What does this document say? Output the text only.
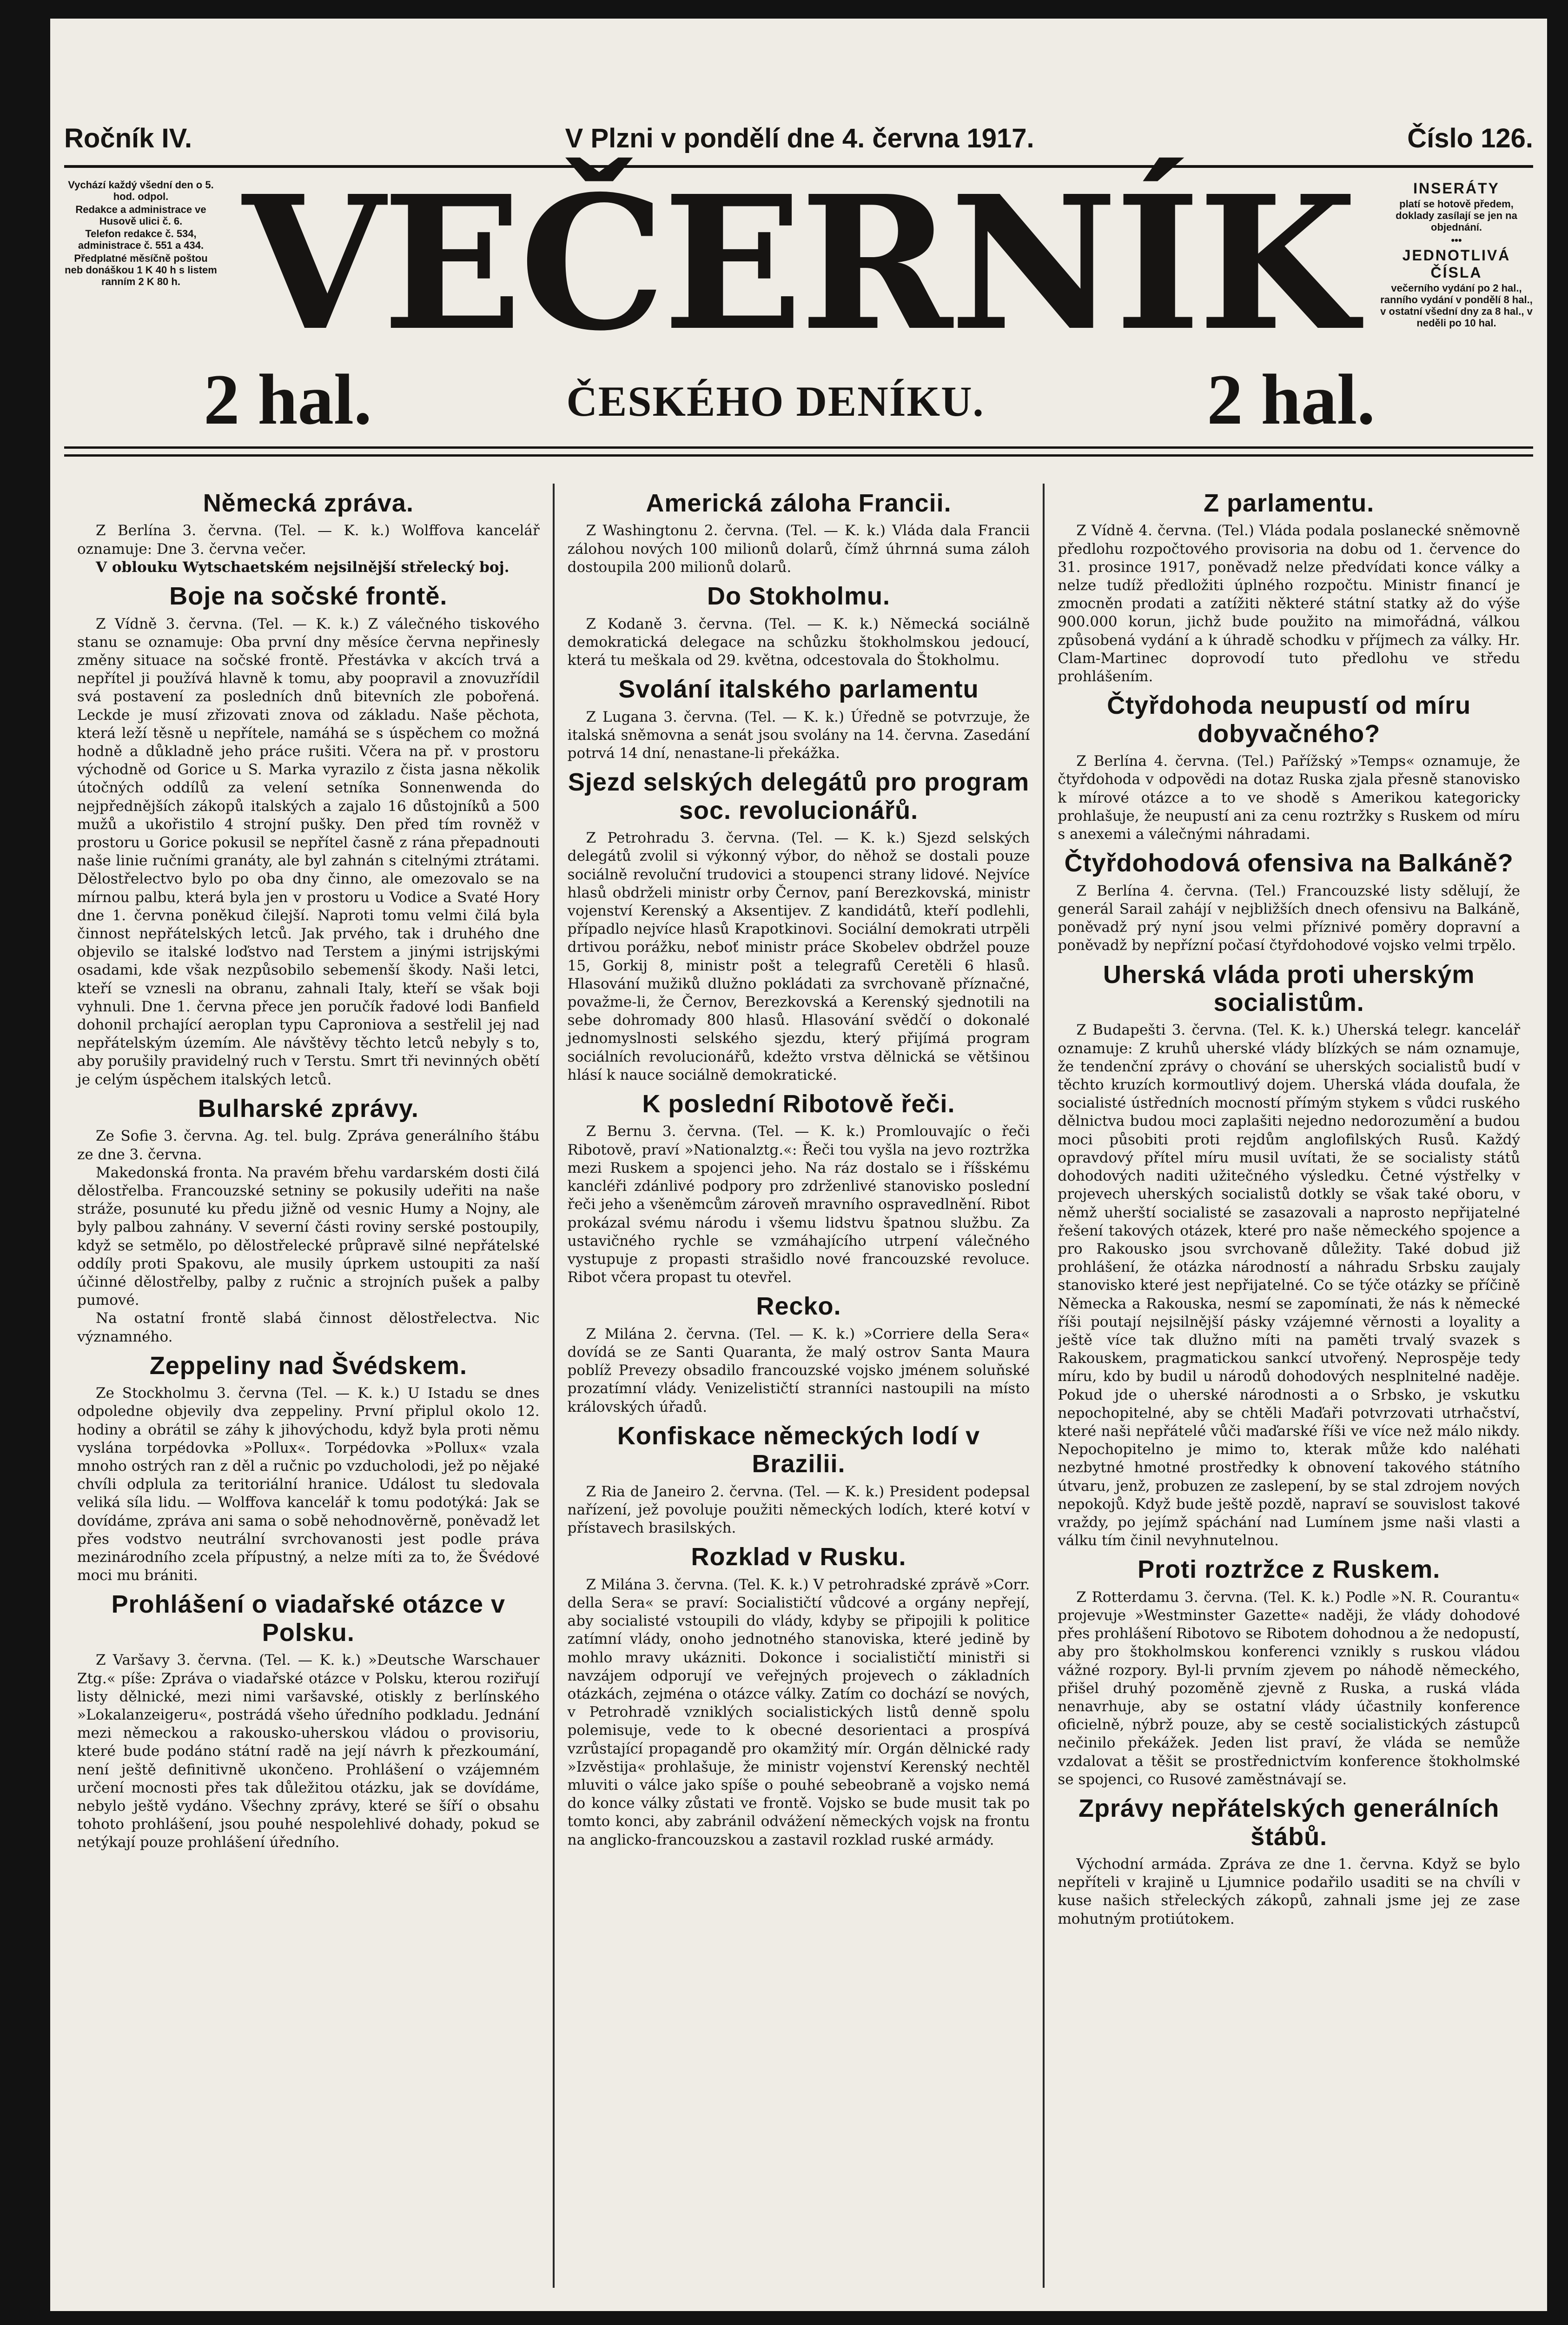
Ročník IV.	V Plzni v pondělí dne 4. června 1917.	Číslo 126.

Vychází každý všední den o 5. hod. odpol.

Redakce a administrace ve Husově ulici č. 6.

Telefon redakce č. 534, administrace č. 551 a 434.

Předplatné měsíčně poštou neb donáškou 1 K 40 h s listem ranním 2 K 80 h. VEČERNÍK	INSERÁTY

platí se hotově předem, doklady zasílají se jen na objednání.

•••

JEDNOTLIVÁ ČÍSLA

večerního vydání po 2 hal., ranního vydání v pondělí 8 hal., v ostatní všední dny za 8 hal., v neděli po 10 hal.

2 hal.	ČESKÉHO DENÍKU.	2 hal.
Německá zpráva.

Z Berlína 3. června. (Tel. — K. k.) Wolffova kancelář oznamuje: Dne 3. června večer.

V oblouku Wytschaetském nejsilnější střelecký boj.

Boje na sočské frontě.

Z Vídně 3. června. (Tel. — K. k.) Z válečného tiskového stanu se oznamuje: Oba první dny měsíce června nepřinesly změny situace na sočské frontě. Přestávka v akcích trvá a nepřítel ji používá hlavně k tomu, aby poopravil a znovuzřídil svá postavení za posledních dnů bitevních zle pobořená. Leckde je musí zřizovati znova od základu. Naše pěchota, která leží těsně u nepřítele, namáhá se s úspěchem co možná hodně a důkladně jeho práce rušiti. Včera na př. v prostoru východně od Gorice u S. Marka vyrazilo z čista jasna několik útočných oddílů za velení setníka Sonnenwenda do nejpřednějších zákopů italských a zajalo 16 důstojníků a 500 mužů a ukořistilo 4 strojní pušky. Den před tím rovněž v prostoru u Gorice pokusil se nepřítel časně z rána přepadnouti naše linie ručními granáty, ale byl zahnán s citelnými ztrátami. Dělostřelectvo bylo po oba dny činno, ale omezovalo se na mírnou palbu, která byla jen v prostoru u Vodice a Svaté Hory dne 1. června poněkud čilejší. Naproti tomu velmi čilá byla činnost nepřátelských letců. Jak prvého, tak i druhého dne objevilo se italské loďstvo nad Terstem a jinými istrijskými osadami, kde však nezpůsobilo sebemenší škody. Naši letci, kteří se vznesli na obranu, zahnali Italy, kteří se však boji vyhnuli. Dne 1. června přece jen poručík řadové lodi Banfield dohonil prchající aeroplan typu Caproniova a sestřelil jej nad nepřátelským územím. Ale návštěvy těchto letců nebyly s to, aby porušily pravidelný ruch v Terstu. Smrt tři nevinných obětí je celým úspěchem italských letců.

Bulharské zprávy.

Ze Sofie 3. června. Ag. tel. bulg. Zpráva generálního štábu ze dne 3. června.

Makedonská fronta. Na pravém břehu vardarském dosti čilá dělostřelba. Francouzské setniny se pokusily udeřiti na naše stráže, posunuté ku předu jižně od vesnic Humy a Nojny, ale byly palbou zahnány. V severní části roviny serské postoupily, když se setmělo, po dělostřelecké průpravě silné nepřátelské oddíly proti Spakovu, ale musily úprkem ustoupiti za naší účinné dělostřelby, palby z ručnic a strojních pušek a palby pumové.

Na ostatní frontě slabá činnost dělostřelectva. Nic významného.

Zeppeliny nad Švédskem.

Ze Stockholmu 3. června (Tel. — K. k.) U Istadu se dnes odpoledne objevily dva zeppeliny. První připlul okolo 12. hodiny a obrátil se záhy k jihovýchodu, když byla proti němu vyslána torpédovka »Pollux«. Torpédovka »Pollux« vzala mnoho ostrých ran z děl a ručnic po vzducholodi, jež po nějaké chvíli odplula za teritoriální hranice. Událost tu sledovala veliká síla lidu. — Wolffova kancelář k tomu podotýká: Jak se dovídáme, zpráva ani sama o sobě nehodnověrně, poněvadž let přes vodstvo neutrální svrchovanosti jest podle práva mezinárodního zcela přípustný, a nelze míti za to, že Švédové moci mu brániti.

Prohlášení o viadařské otázce v Polsku.

Z Varšavy 3. června. (Tel. — K. k.) »Deutsche Warschauer Ztg.« píše: Zpráva o viadařské otázce v Polsku, kterou roziřují listy dělnické, mezi nimi varšavské, otiskly z berlínského »Lokalanzeigeru«, postrádá všeho úředního podkladu. Jednání mezi německou a rakousko-uherskou vládou o provisoriu, které bude podáno státní radě na její návrh k přezkoumání, není ještě definitivně ukončeno. Prohlášení o vzájemném určení mocnosti přes tak důležitou otázku, jak se dovídáme, nebylo ještě vydáno. Všechny zprávy, které se šíří o obsahu tohoto prohlášení, jsou pouhé nespolehlivé dohady, pokud se netýkají pouze prohlášení úředního.

Americká záloha Francii.

Z Washingtonu 2. června. (Tel. — K. k.) Vláda dala Francii zálohou nových 100 milionů dolarů, čímž úhrnná suma záloh dostoupila 200 milionů dolarů.

Do Stokholmu.

Z Kodaně 3. června. (Tel. — K. k.) Německá sociálně demokratická delegace na schůzku štokholmskou jedoucí, která tu meškala od 29. května, odcestovala do Štokholmu.

Svolání italského parlamentu

Z Lugana 3. června. (Tel. — K. k.) Úředně se potvrzuje, že italská sněmovna a senát jsou svolány na 14. června. Zasedání potrvá 14 dní, nenastane-li překážka.

Sjezd selských delegátů pro program soc. revolucionářů.

Z Petrohradu 3. června. (Tel. — K. k.) Sjezd selských delegátů zvolil si výkonný výbor, do něhož se dostali pouze sociálně revoluční trudovici a stoupenci strany lidové. Nejvíce hlasů obdrželi ministr orby Černov, paní Berezkovská, ministr vojenství Kerenský a Aksentijev. Z kandidátů, kteří podlehli, případlo nejvíce hlasů Krapotkinovi. Sociální demokrati utrpěli drtivou porážku, neboť ministr práce Skobelev obdržel pouze 15, Gorkij 8, ministr pošt a telegrafů Ceretěli 6 hlasů. Hlasování mužiků dlužno pokládati za svrchovaně příznačné, považme-li, že Černov, Berezkovská a Kerenský sjednotili na sebe dohromady 800 hlasů. Hlasování svědčí o dokonalé jednomyslnosti selského sjezdu, který přijímá program sociálních revolucionářů, kdežto vrstva dělnická se většinou hlásí k nauce sociálně demokratické.

K poslední Ribotově řeči.

Z Bernu 3. června. (Tel. — K. k.) Promlouvajíc o řeči Ribotově, praví »Nationalztg.«: Řeči tou vyšla na jevo roztržka mezi Ruskem a spojenci jeho. Na ráz dostalo se i říšskému kancléři zdánlivé podpory pro zdrženlivé stanovisko poslední řeči jeho a všeněmcům zároveň mravního ospravedlnění. Ribot prokázal svému národu i všemu lidstvu špatnou službu. Za ustavičného rychle se vzmáhajícího utrpení válečného vystupuje z propasti strašidlo nové francouzské revoluce. Ribot včera propast tu otevřel.

Recko.

Z Milána 2. června. (Tel. — K. k.) »Corriere della Sera« dovídá se ze Santi Quaranta, že malý ostrov Santa Maura poblíž Prevezy obsadilo francouzské vojsko jménem soluňské prozatímní vlády. Venizelističtí stranníci nastoupili na místo královských úřadů.

Konfiskace německých lodí v Brazilii.

Z Ria de Janeiro 2. června. (Tel. — K. k.) President podepsal nařízení, jež povoluje použiti německých lodích, které kotví v přístavech brasilských.

Rozklad v Rusku.

Z Milána 3. června. (Tel. K. k.) V petrohradské zprávě »Corr. della Sera« se praví: Socialističtí vůdcové a orgány nepřejí, aby socialisté vstoupili do vlády, kdyby se připojili k politice zatímní vlády, onoho jednotného stanoviska, které jedině by mohlo mravy ukázniti. Dokonce i socialističtí ministři si navzájem odporují ve veřejných projevech o základních otázkách, zejména o otázce války. Zatím co dochází se nových, v Petrohradě vzniklých socialistických listů denně spolu polemisuje, vede to k obecné desorientaci a prospívá vzrůstající propagandě pro okamžitý mír. Orgán dělnické rady »Izvěstija« prohlašuje, že ministr vojenství Kerenský nechtěl mluviti o válce jako spíše o pouhé sebeobraně a vojsko nemá do konce války zůstati ve frontě. Vojsko se bude musit tak po tomto konci, aby zabránil odvážení německých vojsk na frontu na anglicko-francouzskou a zastavil rozklad ruské armády.

Z parlamentu.

Z Vídně 4. června. (Tel.) Vláda podala poslanecké sněmovně předlohu rozpočtového provisoria na dobu od 1. července do 31. prosince 1917, poněvadž nelze předvídati konce války a nelze tudíž předložiti úplného rozpočtu. Ministr financí je zmocněn prodati a zatížiti některé státní statky až do výše 900.000 korun, jichž bude použito na mimořádná, válkou způsobená vydání a k úhradě schodku v příjmech za války. Hr. Clam-Martinec doprovodí tuto předlohu ve středu prohlášením.

Čtyřdohoda neupustí od míru dobyvačného?

Z Berlína 4. června. (Tel.) Pařížský »Temps« oznamuje, že čtyřdohoda v odpovědi na dotaz Ruska zjala přesně stanovisko k mírové otázce a to ve shodě s Amerikou kategoricky prohlašuje, že neupustí ani za cenu roztržky s Ruskem od míru s anexemi a válečnými náhradami.

Čtyřdohodová ofensiva na Balkáně?

Z Berlína 4. června. (Tel.) Francouzské listy sdělují, že generál Sarail zahájí v nejbližších dnech ofensivu na Balkáně, poněvadž prý nyní jsou velmi příznivé poměry dopravní a poněvadž by nepřízní počasí čtyřdohodové vojsko velmi trpělo.

Uherská vláda proti uherským socialistům.

Z Budapešti 3. června. (Tel. K. k.) Uherská telegr. kancelář oznamuje: Z kruhů uherské vlády blízkých se nám oznamuje, že tendenční zprávy o chování se uherských socialistů budí v těchto kruzích kormoutlivý dojem. Uherská vláda doufala, že socialisté ústředních mocností přímým stykem s vůdci ruského dělnictva budou moci zaplašiti nejedno nedorozumění a budou moci působiti proti rejdům anglofilských Rusů. Každý opravdový přítel míru musil uvítati, že se socialisty států dohodových naditi užitečného výsledku. Četné výstřelky v projevech uherských socialistů dotkly se však také oboru, v němž uherští socialisté se zasazovali a naprosto nepřijatelné řešení takových otázek, které pro naše německého spojence a pro Rakousko jsou svrchovaně důležity. Také dobud již prohlášení, že otázka národností a náhradu Srbsku zaujaly stanovisko které jest nepřijatelné. Co se týče otázky se příčině Německa a Rakouska, nesmí se zapomínati, že nás k německé říši poutají nejsilnější pásky vzájemné věrnosti a loyality a ještě více tak dlužno míti na paměti trvalý svazek s Rakouskem, pragmatickou sankcí utvořený. Neprospěje tedy míru, kdo by budil u národů dohodových nesplnitelné naděje. Pokud jde o uherské národnosti a o Srbsko, je vskutku nepochopitelné, aby se chtěli Maďaři potvrzovati utrhačství, které naši nepřátelé vůči maďarské říši ve více než málo nikdy. Nepochopitelno je mimo to, kterak může kdo naléhati nezbytné hmotné prostředky k obnovení takového státního útvaru, jenž, probuzen ze zaslepení, by se stal zdrojem nových nepokojů. Když bude ještě pozdě, napraví se souvislost takové vraždy, po jejímž spáchání nad Lumínem jsme naši vlasti a válku tím činil nevyhnutelnou.

Proti roztržce z Ruskem.

Z Rotterdamu 3. června. (Tel. K. k.) Podle »N. R. Courantu« projevuje »Westminster Gazette« naději, že vlády dohodové přes prohlášení Ribotovo se Ribotem dohodnou a že nedopustí, aby pro štokholmskou konferenci vznikly s ruskou vládou vážné rozpory. Byl-li prvním zjevem po náhodě německého, přišel druhý pozoměně zjevně z Ruska, a ruská vláda nenavrhuje, aby se ostatní vlády účastnily konference oficielně, nýbrž pouze, aby se cestě socialistických zástupců nečinilo překážek. Jeden list praví, že vláda se nemůže vzdalovat a těšit se prostřednictvím konference štokholmské se spojenci, co Rusové zaměstnávají se.

Zprávy nepřátelských generálních štábů.

Východní armáda. Zpráva ze dne 1. června. Když se bylo nepříteli v krajině u Ljumnice podařilo usaditi se na chvíli v kuse našich střeleckých zákopů, zahnali jsme jej ze zase mohutným protiútokem.
